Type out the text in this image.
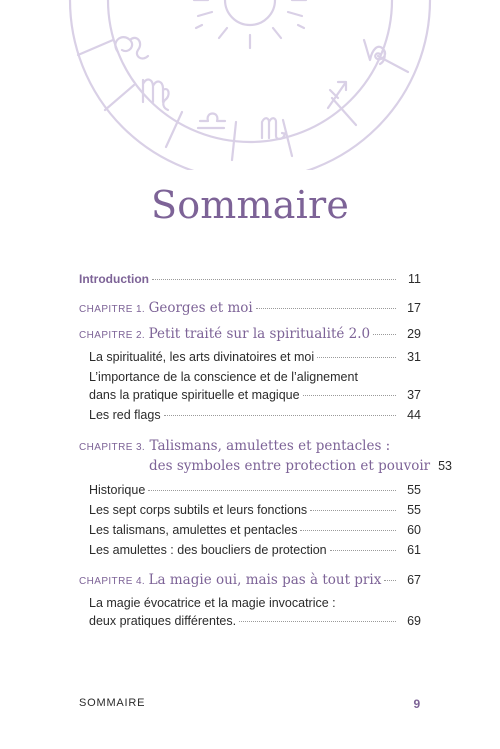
Sommaire
Introduction	11
CHAPITRE 1. Georges et moi	17
CHAPITRE 2. Petit traité sur la spiritualité 2.0	29
La spiritualité, les arts divinatoires et moi	31
L’importance de la conscience et de l’alignement
dans la pratique spirituelle et magique	37
Les red flags	44
CHAPITRE 3. Talismans, amulettes et pentacles :
des symboles entre protection et pouvoir 53
Historique	55
Les sept corps subtils et leurs fonctions	55
Les talismans, amulettes et pentacles	60
Les amulettes : des boucliers de protection	61
CHAPITRE 4. La magie oui, mais pas à tout prix	67
La magie évocatrice et la magie invocatrice :
deux pratiques différentes.	69
SOMMAIRE	9
